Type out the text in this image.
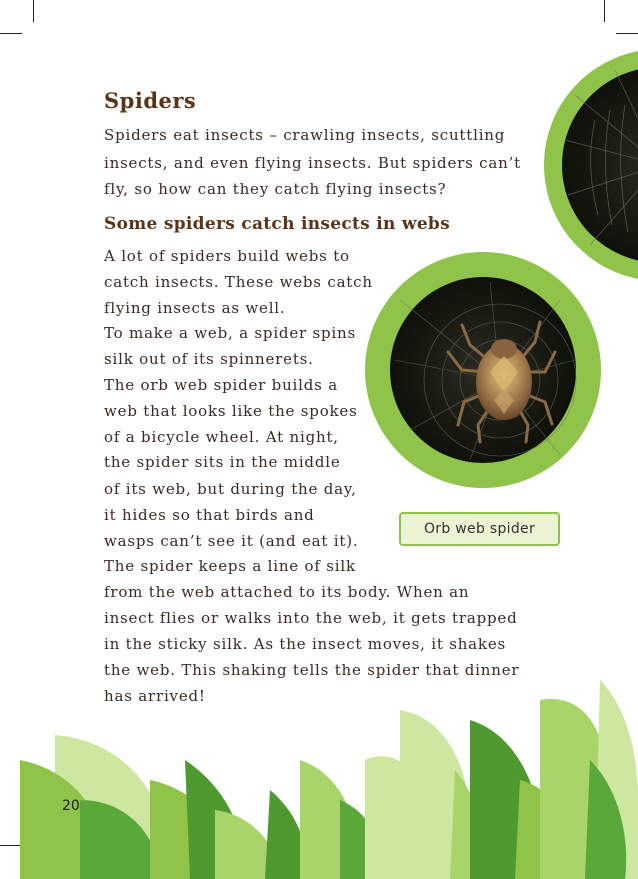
Spiders

Spiders eat insects – crawling insects, scuttling

insects, and even flying insects. But spiders can’t

fly, so how can they catch flying insects?

Some spiders catch insects in webs

A lot of spiders build webs to

catch insects. These webs catch

flying insects as well.

To make a web, a spider spins

silk out of its spinnerets.

The orb web spider builds a

web that looks like the spokes

of a bicycle wheel. At night,

the spider sits in the middle

of its web, but during the day,

it hides so that birds and

wasps can’t see it (and eat it).

The spider keeps a line of silk

from the web attached to its body. When an

insect flies or walks into the web, it gets trapped

in the sticky silk. As the insect moves, it shakes

the web. This shaking tells the spider that dinner

has arrived!

Orb web spider
20
